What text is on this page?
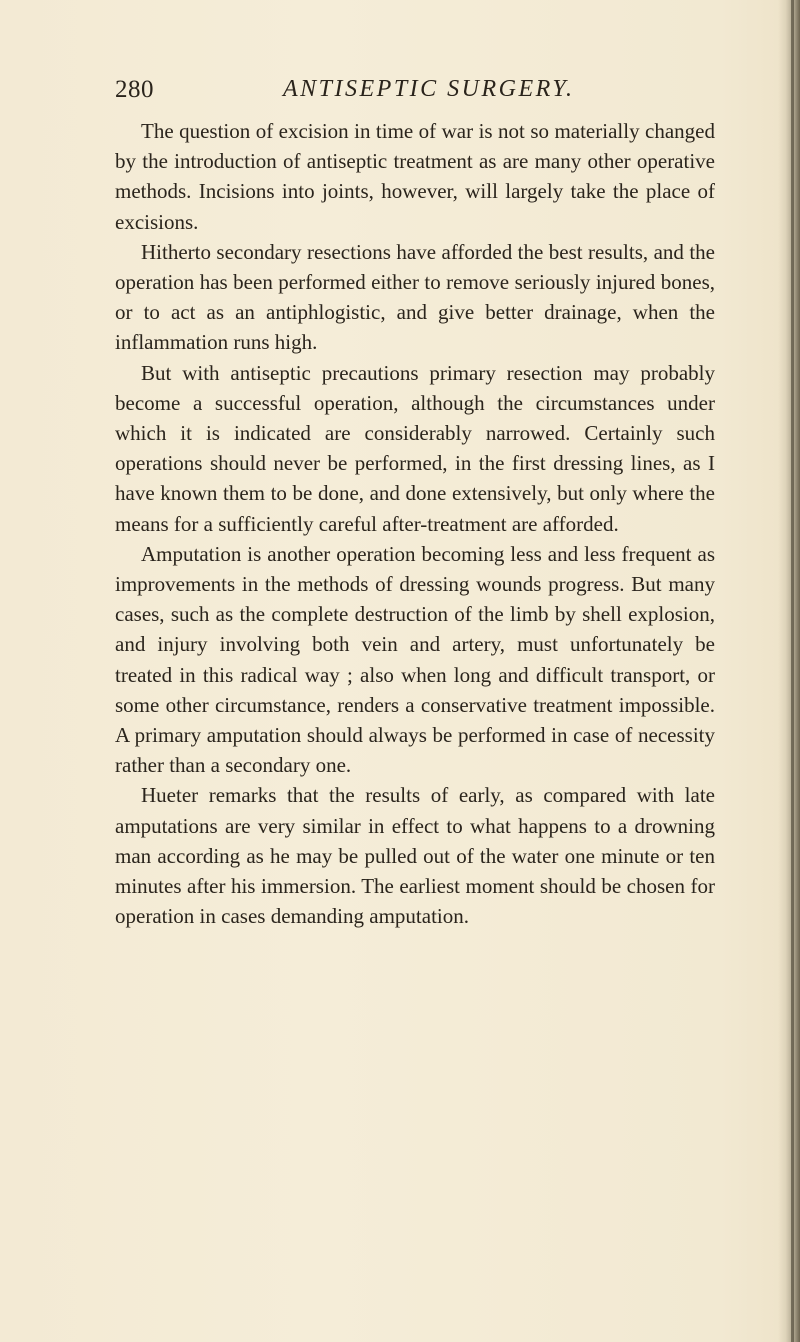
280	ANTISEPTIC SURGERY.

The question of excision in time of war is not so materially changed by the introduction of antiseptic treatment as are many other operative methods. Incisions into joints, however, will largely take the place of excisions.

Hitherto secondary resections have afforded the best results, and the operation has been performed either to remove seriously injured bones, or to act as an antiphlogistic, and give better drainage, when the inflammation runs high.

But with antiseptic precautions primary resection may probably become a successful operation, although the circumstances under which it is indicated are considerably narrowed. Certainly such operations should never be performed, in the first dressing lines, as I have known them to be done, and done extensively, but only where the means for a sufficiently careful after-treatment are afforded.

Amputation is another operation becoming less and less frequent as improvements in the methods of dressing wounds progress. But many cases, such as the complete destruction of the limb by shell explosion, and injury involving both vein and artery, must unfortunately be treated in this radical way ; also when long and difficult transport, or some other circumstance, renders a conservative treatment impossible. A primary amputation should always be performed in case of necessity rather than a secondary one.

Hueter remarks that the results of early, as compared with late amputations are very similar in effect to what happens to a drowning man according as he may be pulled out of the water one minute or ten minutes after his immersion. The earliest moment should be chosen for operation in cases demanding amputation.
